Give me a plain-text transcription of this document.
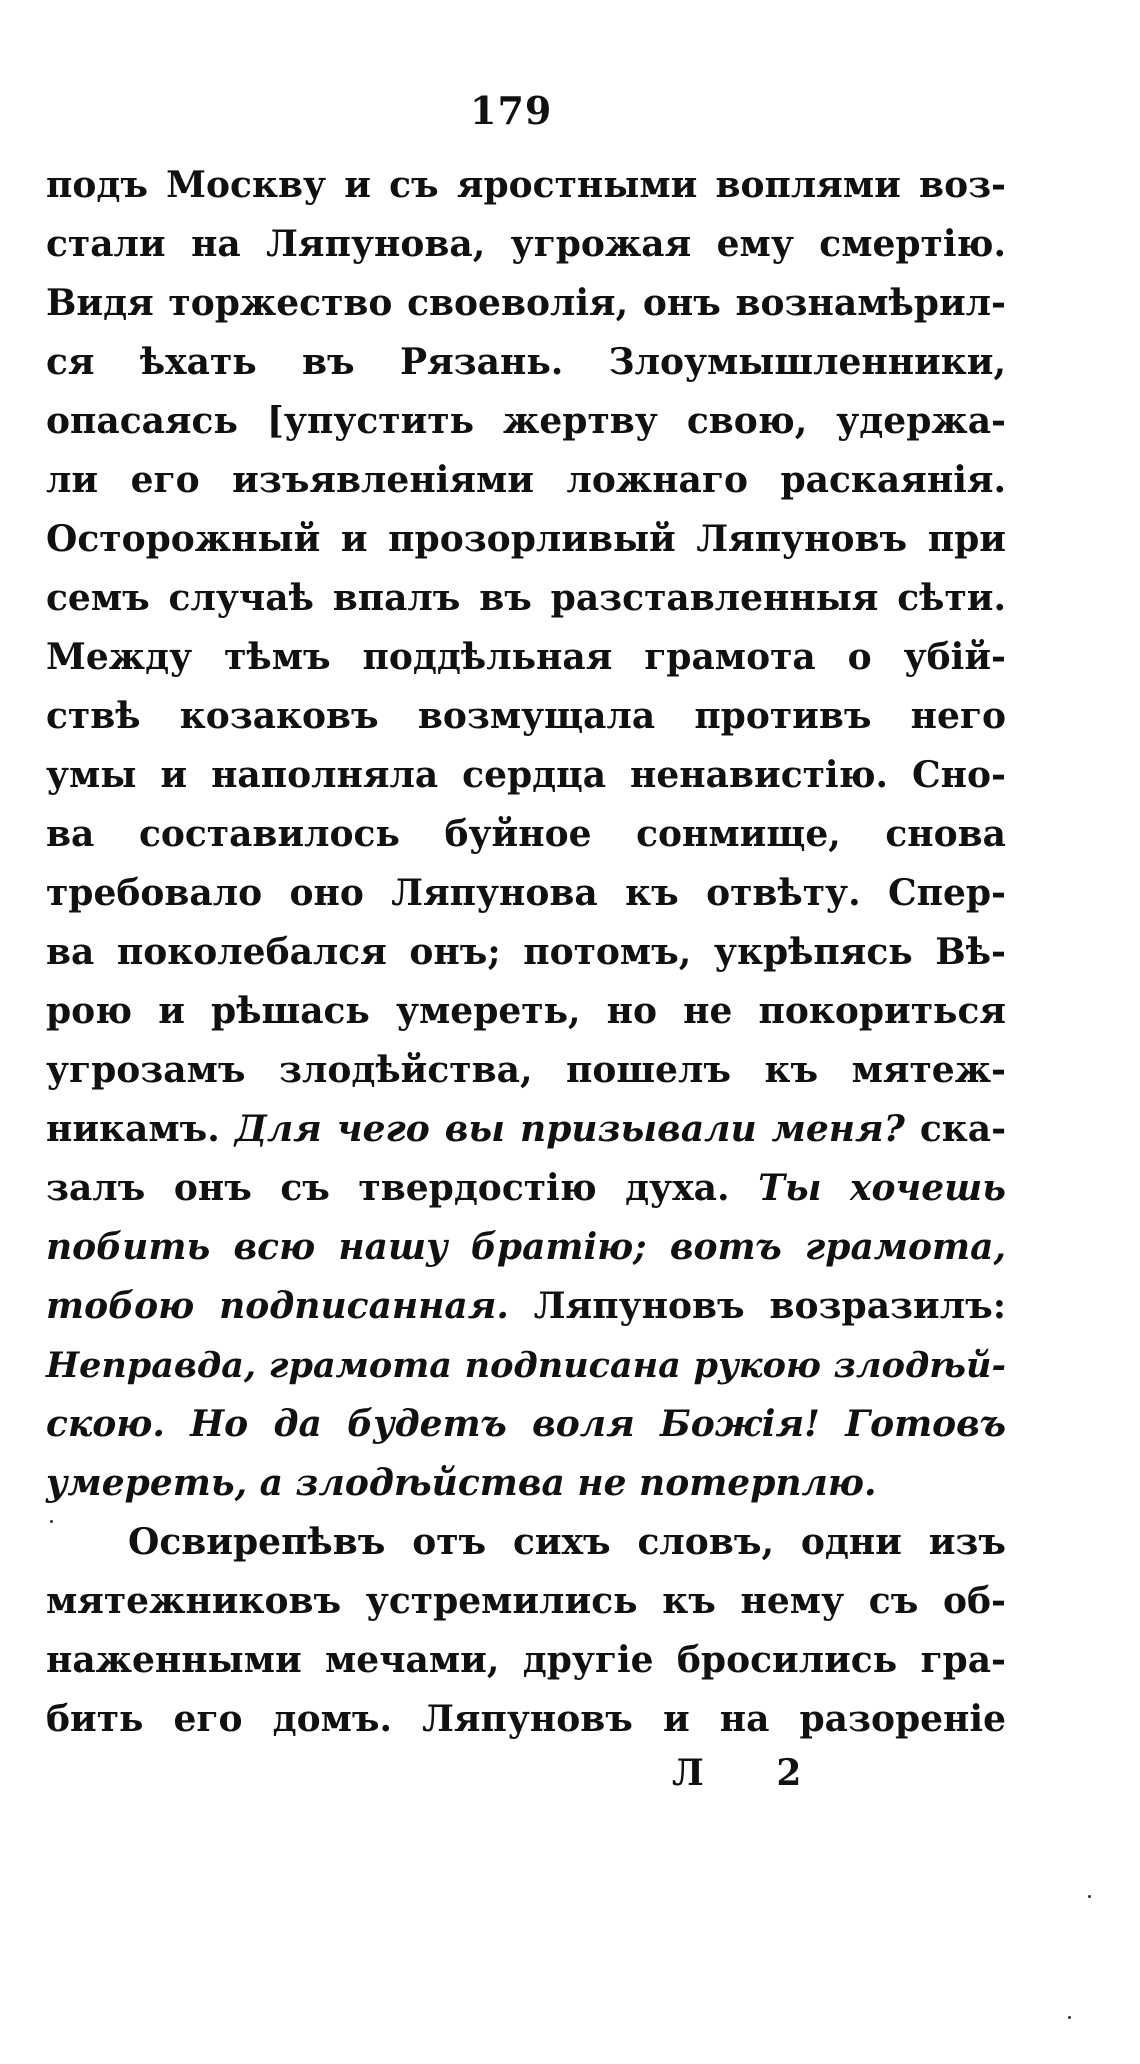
179
подъ Москву и съ яростными воплями воз-
стали на Ляпунова, угрожая ему смертію.
Видя торжество своеволія, онъ вознамѣрил-
ся ѣхать въ Рязань. Злоумышленники,
опасаясь [упустить жертву свою, удержа-
ли его изъявленіями ложнаго раскаянія.
Осторожный и прозорливый Ляпуновъ при
семъ случаѣ впалъ въ разставленныя сѣти.
Между тѣмъ поддѣльная грамота о убій-
ствѣ козаковъ возмущала противъ него
умы и наполняла сердца ненавистію. Сно-
ва составилось буйное сонмище, снова
требовало оно Ляпунова къ отвѣту. Спер-
ва поколебался онъ; потомъ, укрѣпясь Вѣ-
рою и рѣшась умереть, но не покориться
угрозамъ злодѣйства, пошелъ къ мятеж-
никамъ. Для чего вы призывали меня? ска-
залъ онъ съ твердостію духа. Ты хочешь
побить всю нашу братію; вотъ грамота,
тобою подписанная. Ляпуновъ возразилъ:
Неправда, грамота подписана рукою злодѣй-
скою. Но да будетъ воля Божія! Готовъ
умереть, а злодѣйства не потерплю.
Освирепѣвъ отъ сихъ словъ, одни изъ
мятежниковъ устремились къ нему съ об-
наженными мечами, другіе бросились гра-
бить его домъ. Ляпуновъ и на разореніе
Л 2
